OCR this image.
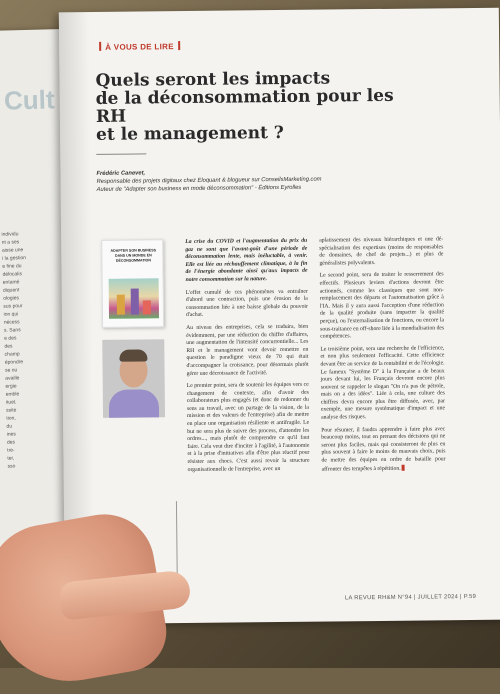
Cult
individu
nt a ses
aisse une
i la gestion
e fine du
délocalis
entamé
diquent
ologies
sus pour
ion qui
nécess
s. Sans
e des
des
champ
épondre
se ou
availle
ergie
emble
ituel,
ssite
tion,
du
ines
des
tre-
ter,
sso
À VOUS DE LIRE
Quels seront les impacts
de la déconsommation pour les RH
et le management ?
Frédéric Canevet,
Responsable des projets digitaux chez Eloquant & blogueur sur ConseilsMarketing.com
Auteur de "Adapter son business en mode déconsommation" - Éditions Eyrolles
ADAPTER SON BUSINESS DANS UN MONDE EN DÉCONSOMMATION

La crise du COVID et l'augmentation du prix du gaz ne sont que l'avant-goût d'une période de déconsommation lente, mais inéluctable, à venir. Elle est liée au réchauffement climatique, à la fin de l'énergie abondante ainsi qu'aux impacts de notre consommation sur la nature.

L'effet cumulé de ces phénomènes va entraîner d'abord une contraction, puis une érosion de la consommation liée à une baisse globale du pouvoir d'achat.

Au niveau des entreprises, cela se traduira, bien évidemment, par une réduction du chiffre d'affaires, une augmentation de l'intensité concurrentielle... Les RH et le management vont devoir remettre en question le paradigme vieux de 70 qui était d'accompagner la croissance, pour désormais plutôt gérer une décroissance de l'activité.

Le premier point, sera de soutenir les équipes vers ce changement de contexte, afin d'avoir des collaborateurs plus engagés (et donc de redonner du sens au travail, avec un partage de la vision, de la mission et des valeurs de l'entreprise) afin de mettre en place une organisation résiliente et antifragile. Le but ne sera plus de suivre des process, d'attendre les ordres..., mais plutôt de comprendre ce qu'il faut faire. Cela veut dire d'inciter à l'agilité, à l'autonomie et à la prise d'initiatives afin d'être plus réactif pour résister aux chocs. C'est aussi revoir la structure organisationnelle de l'entreprise, avec un

aplatissement des niveaux hiérarchiques et une dé-spécialisation des expertises (moins de responsables de domaines, de chef de projets...) et plus de généralistes polyvalents.

Le second point, sera de traiter le resserrement des effectifs. Plusieurs leviers d'actions devront être actionnés, comme les classiques que sont non-remplacement des départs et l'automatisation grâce à l'IA. Mais il y aura aussi l'acception d'une réduction de la qualité produite (sans impacter la qualité perçue), ou l'externalisation de fonctions, ou encore la sous-traitance en off-shore liée à la mondialisation des compétences.

Le troisième point, sera une recherche de l'efficience, et non plus seulement l'efficacité. Cette efficience devant être au service de la rentabilité et de l'écologie. Le fameux "Système D" à la Française a de beaux jours devant lui, les Français devront encore plus souvent se rappeler le slogan "On n'a pas de pétrole, mais on a des idées". Liée à cela, une culture des chiffres devra encore plus être diffusée, avec, par exemple, une mesure systématique d'impact et une analyse des risques.

Pour résumer, il faudra apprendre à faire plus avec beaucoup moins, tout en prenant des décisions qui ne seront plus faciles, mais qui consisteront de plus en plus souvent à faire le moins de mauvais choix, puis de mettre des équipes en ordre de bataille pour affronter des tempêtes à répétition.

LA REVUE RH&M N°94 | JUILLET 2024 | P.59
